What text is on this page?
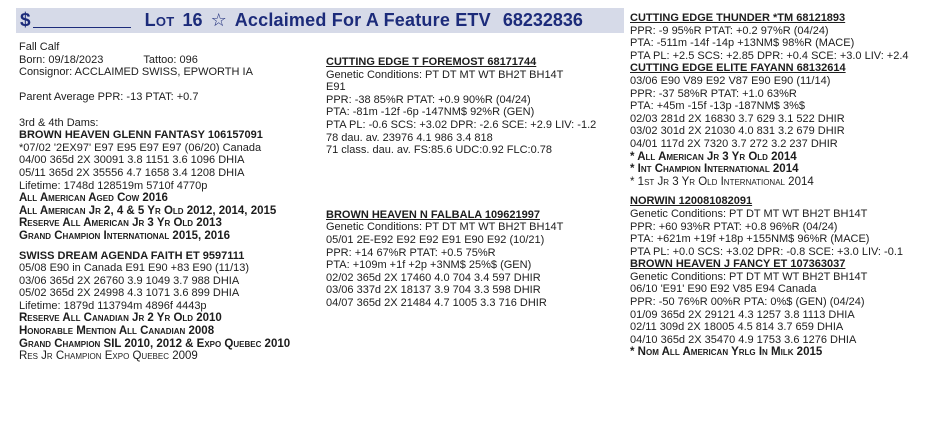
$	Lot 16 ☆ Acclaimed For A Feature ETV 68232836
Fall Calf
Born: 09/18/2023	Tattoo: 096
Consignor: ACCLAIMED SWISS, EPWORTH IA
Parent Average PPR: -13 PTAT: +0.7
3rd & 4th Dams:
BROWN HEAVEN GLENN FANTASY 106157091
*07/02 '2EX97' E97 E95 E97 E97 (06/20) Canada
04/00 365d 2X 30091 3.8 1151 3.6 1096 DHIA
05/11 365d 2X 35556 4.7 1658 3.4 1208 DHIA
Lifetime: 1748d 128519m 5710f 4770p
All American Aged Cow 2016
All American Jr 2, 4 & 5 Yr Old 2012, 2014, 2015
Reserve All American Jr 3 Yr Old 2013
Grand Champion International 2015, 2016
SWISS DREAM AGENDA FAITH ET 9597111
05/08 E90 in Canada E91 E90 +83 E90 (11/13)
03/06 365d 2X 26760 3.9 1049 3.7 988 DHIA
05/02 365d 2X 24998 4.3 1071 3.6 899 DHIA
Lifetime: 1879d 113794m 4896f 4443p
Reserve All Canadian Jr 2 Yr Old 2010
Honorable Mention All Canadian 2008
Grand Champion SIL 2010, 2012 & Expo Quebec 2010
Res Jr Champion Expo Quebec 2009
CUTTING EDGE T FOREMOST 68171744
Genetic Conditions: PT DT MT WT BH2T BH14T
E91
PPR: -38 85%R PTAT: +0.9 90%R (04/24)
PTA: -81m -12f -6p -147NM$ 92%R (GEN)
PTA PL: -0.6 SCS: +3.02 DPR: -2.6 SCE: +2.9 LIV: -1.2
78 dau. av. 23976 4.1 986 3.4 818
71 class. dau. av. FS:85.6 UDC:0.92 FLC:0.78
BROWN HEAVEN N FALBALA 109621997
Genetic Conditions: PT DT MT WT BH2T BH14T
05/01 2E-E92 E92 E92 E91 E90 E92 (10/21)
PPR: +14 67%R PTAT: +0.5 75%R
PTA: +109m +1f +2p +3NM$ 25%$ (GEN)
02/02 365d 2X 17460 4.0 704 3.4 597 DHIR
03/06 337d 2X 18137 3.9 704 3.3 598 DHIR
04/07 365d 2X 21484 4.7 1005 3.3 716 DHIR
CUTTING EDGE THUNDER *TM 68121893
PPR: -9 95%R PTAT: +0.2 97%R (04/24)
PTA: -511m -14f -14p +13NM$ 98%R (MACE)
PTA PL: +2.5 SCS: +2.85 DPR: +0.4 SCE: +3.0 LIV: +2.4
CUTTING EDGE ELITE FAYANN 68132614
03/06 E90 V89 E92 V87 E90 E90 (11/14)
PPR: -37 58%R PTAT: +1.0 63%R
PTA: +45m -15f -13p -187NM$ 3%$
02/03 281d 2X 16830 3.7 629 3.1 522 DHIR
03/02 301d 2X 21030 4.0 831 3.2 679 DHIR
04/01 117d 2X 7320 3.7 272 3.2 237 DHIR
* All American Jr 3 Yr Old 2014
* Int Champion International 2014
* 1st Jr 3 Yr Old International 2014
NORWIN 120081082091
Genetic Conditions: PT DT MT WT BH2T BH14T
PPR: +60 93%R PTAT: +0.8 96%R (04/24)
PTA: +621m +19f +18p +155NM$ 96%R (MACE)
PTA PL: +0.0 SCS: +3.02 DPR: -0.8 SCE: +3.0 LIV: -0.1
BROWN HEAVEN J FANCY ET 107363037
Genetic Conditions: PT DT MT WT BH2T BH14T
06/10 'E91' E90 E92 V85 E94 Canada
PPR: -50 76%R 00%R PTA: 0%$ (GEN) (04/24)
01/09 365d 2X 29121 4.3 1257 3.8 1113 DHIA
02/11 309d 2X 18005 4.5 814 3.7 659 DHIA
04/10 365d 2X 35470 4.9 1753 3.6 1276 DHIA
* Nom All American Yrlg In Milk 2015
